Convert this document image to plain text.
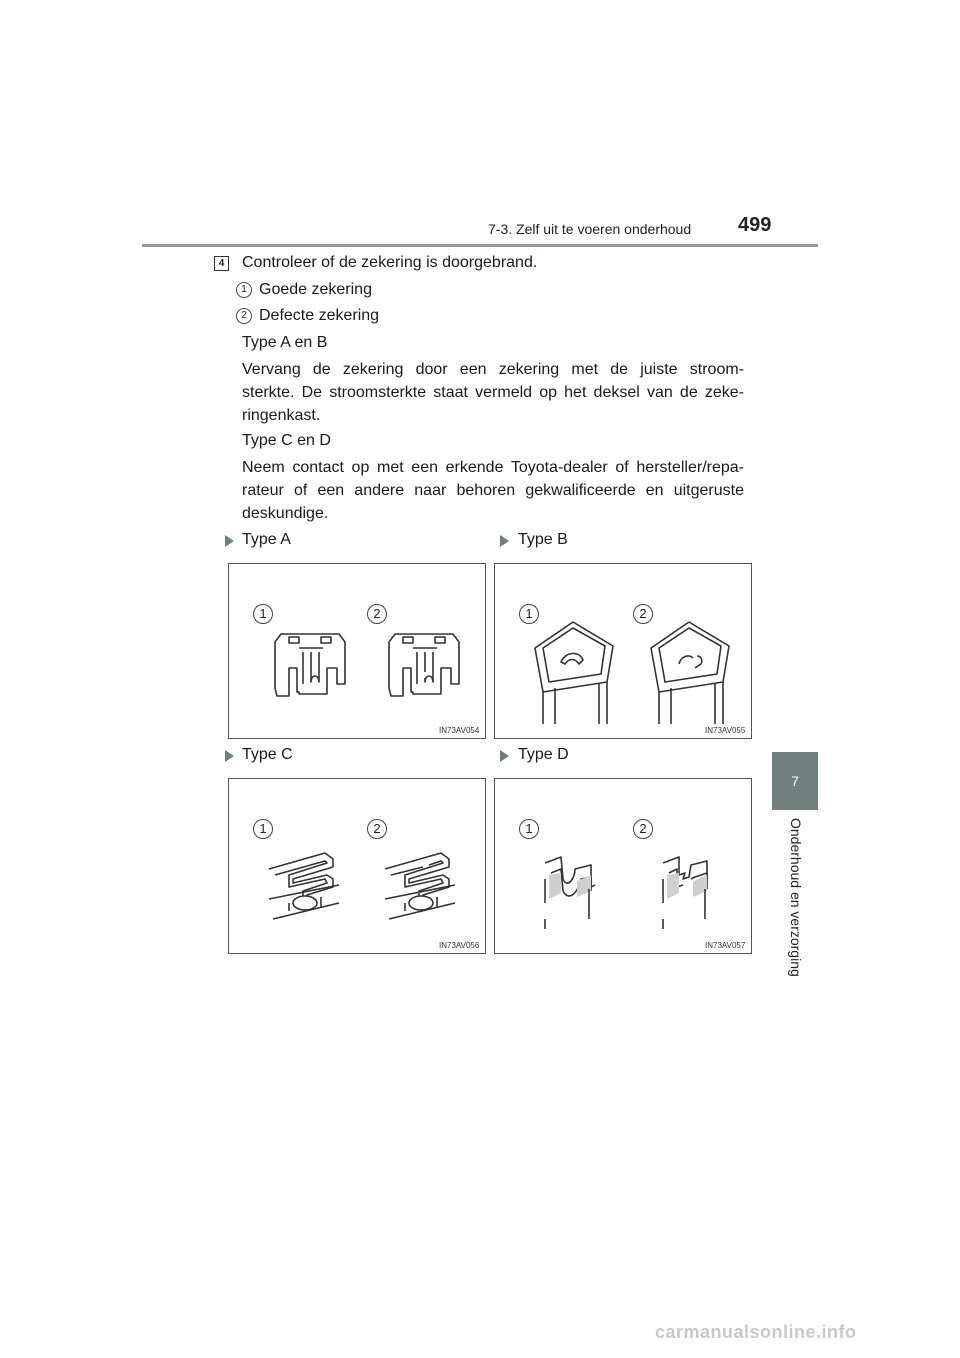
7-3. Zelf uit te voeren onderhoud 499
7
Onderhoud en verzorging
4 Controleer of de zekering is doorgebrand.
1 Goede zekering
2 Defecte zekering
Type A en B
Vervang de zekering door een zekering met de juiste stroom-
sterkte. De stroomsterkte staat vermeld op het deksel van de zeke-
ringenkast.
Type C en D
Neem contact op met een erkende Toyota-dealer of hersteller/repa-
rateur of een andere naar behoren gekwalificeerde en uitgeruste
deskundige.
Type A	Type B
1	2
IN73AV054
1	2
IN73AV055
Type C	Type D
1	2
IN73AV056
1	2
IN73AV057
carmanualsonline.info
